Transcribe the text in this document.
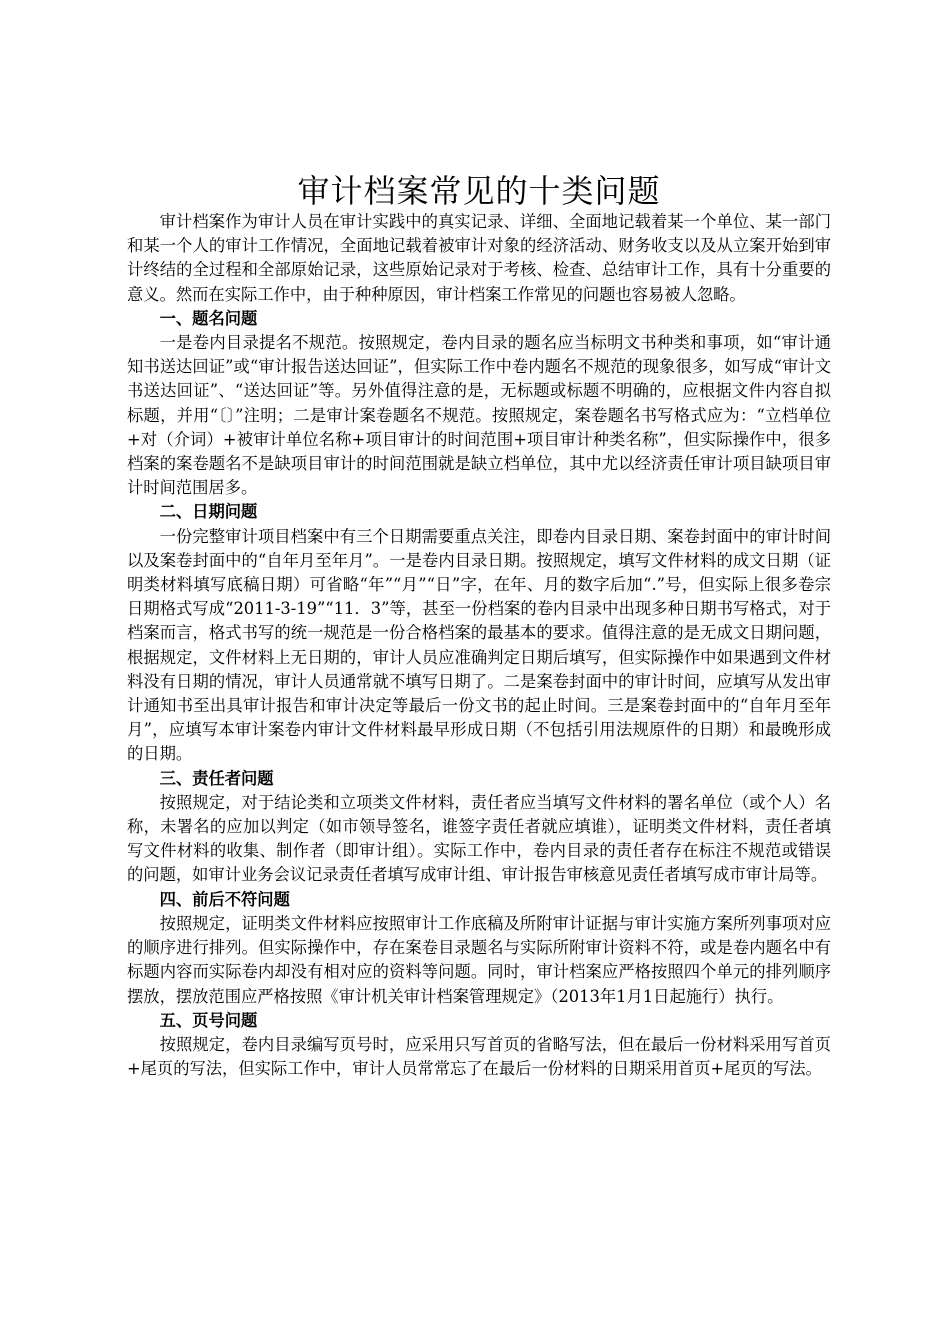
审计档案常见的十类问题

审计档案作为审计人员在审计实践中的真实记录、详细、全面地记载着某一个单位、某一部门和某一个人的审计工作情况，全面地记载着被审计对象的经济活动、财务收支以及从立案开始到审计终结的全过程和全部原始记录，这些原始记录对于考核、检查、总结审计工作，具有十分重要的意义。然而在实际工作中，由于种种原因，审计档案工作常见的问题也容易被人忽略。

一、题名问题

一是卷内目录提名不规范。按照规定，卷内目录的题名应当标明文书种类和事项，如“审计通知书送达回证”或“审计报告送达回证”，但实际工作中卷内题名不规范的现象很多，如写成“审计文书送达回证”、“送达回证”等。另外值得注意的是，无标题或标题不明确的，应根据文件内容自拟标题，并用“〔〕”注明；二是审计案卷题名不规范。按照规定，案卷题名书写格式应为：“立档单位+对（介词）+被审计单位名称+项目审计的时间范围+项目审计种类名称”，但实际操作中，很多档案的案卷题名不是缺项目审计的时间范围就是缺立档单位，其中尤以经济责任审计项目缺项目审计时间范围居多。

二、日期问题

一份完整审计项目档案中有三个日期需要重点关注，即卷内目录日期、案卷封面中的审计时间以及案卷封面中的“自年月至年月”。一是卷内目录日期。按照规定，填写文件材料的成文日期（证明类材料填写底稿日期）可省略“年”“月”“日”字，在年、月的数字后加“.”号，但实际上很多卷宗日期格式写成“2011-3-19”“11．3”等，甚至一份档案的卷内目录中出现多种日期书写格式，对于档案而言，格式书写的统一规范是一份合格档案的最基本的要求。值得注意的是无成文日期问题，根据规定，文件材料上无日期的，审计人员应准确判定日期后填写，但实际操作中如果遇到文件材料没有日期的情况，审计人员通常就不填写日期了。二是案卷封面中的审计时间，应填写从发出审计通知书至出具审计报告和审计决定等最后一份文书的起止时间。三是案卷封面中的“自年月至年月”，应填写本审计案卷内审计文件材料最早形成日期（不包括引用法规原件的日期）和最晚形成的日期。

三、责任者问题

按照规定，对于结论类和立项类文件材料，责任者应当填写文件材料的署名单位（或个人）名称，未署名的应加以判定（如市领导签名，谁签字责任者就应填谁），证明类文件材料，责任者填写文件材料的收集、制作者（即审计组）。实际工作中，卷内目录的责任者存在标注不规范或错误的问题，如审计业务会议记录责任者填写成审计组、审计报告审核意见责任者填写成市审计局等。

四、前后不符问题

按照规定，证明类文件材料应按照审计工作底稿及所附审计证据与审计实施方案所列事项对应的顺序进行排列。但实际操作中，存在案卷目录题名与实际所附审计资料不符，或是卷内题名中有标题内容而实际卷内却没有相对应的资料等问题。同时，审计档案应严格按照四个单元的排列顺序摆放，摆放范围应严格按照《审计机关审计档案管理规定》（2013年1月1日起施行）执行。

五、页号问题

按照规定，卷内目录编写页号时，应采用只写首页的省略写法，但在最后一份材料采用写首页+尾页的写法，但实际工作中，审计人员常常忘了在最后一份材料的日期采用首页+尾页的写法。
